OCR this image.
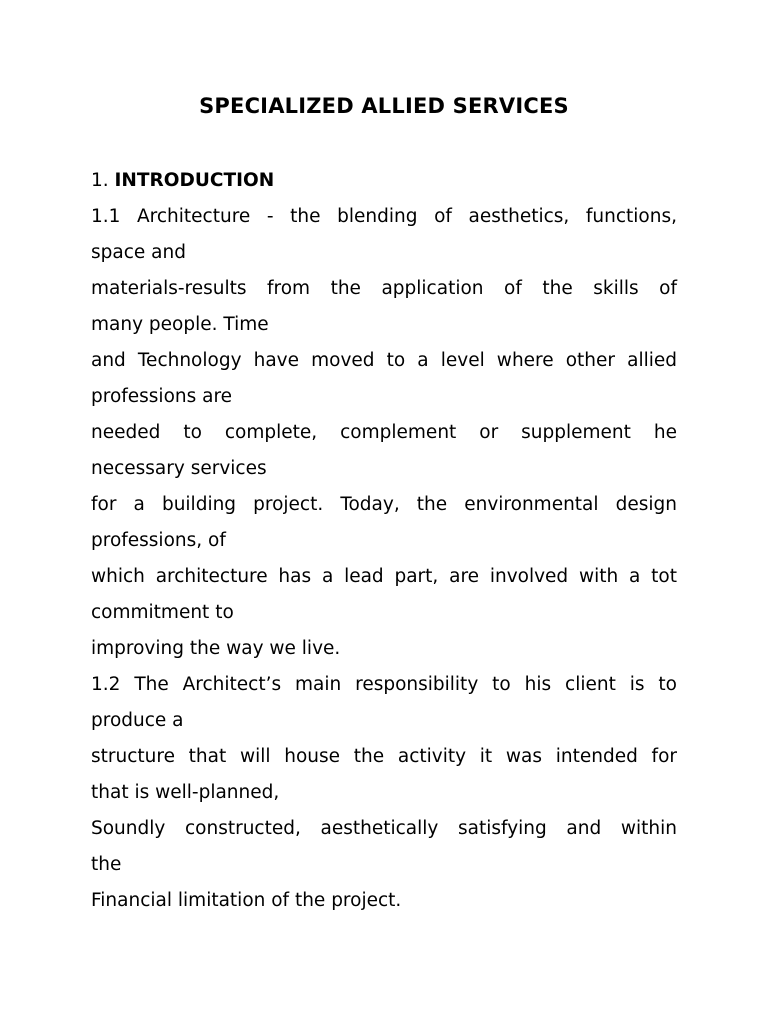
SPECIALIZED ALLIED SERVICES
1. INTRODUCTION
1.1 Architecture - the blending of aesthetics, functions,
space and
materials-results from the application of the skills of
many people. Time
and Technology have moved to a level where other allied
professions are
needed to complete, complement or supplement he
necessary services
for a building project. Today, the environmental design
professions, of
which architecture has a lead part, are involved with a tot
commitment to
improving the way we live.
1.2 The Architect’s main responsibility to his client is to
produce a
structure that will house the activity it was intended for
that is well-planned,
Soundly constructed, aesthetically satisfying and within
the
Financial limitation of the project.
